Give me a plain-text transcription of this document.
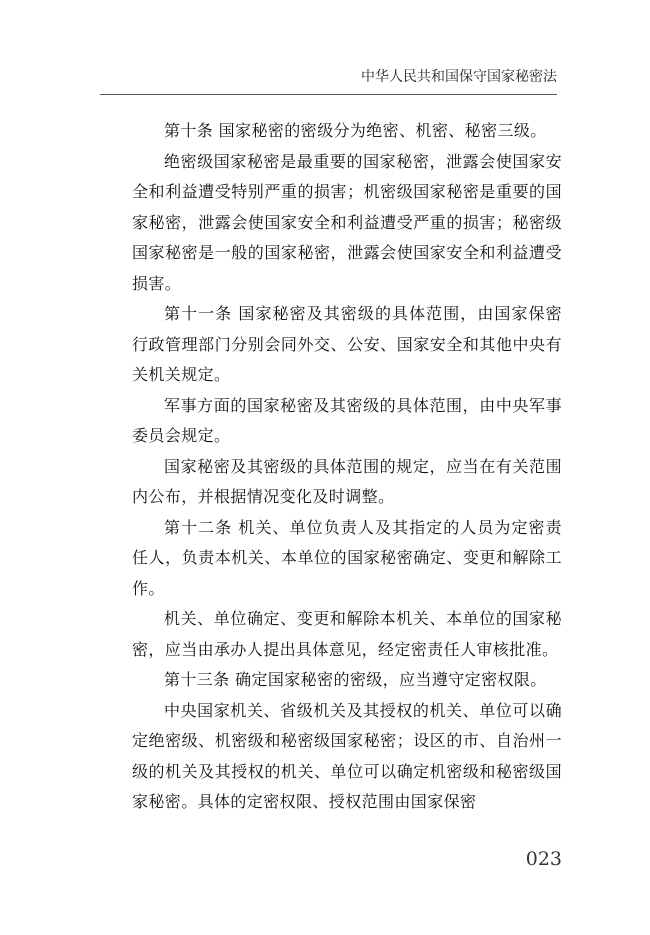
中华人民共和国保守国家秘密法

第十条 国家秘密的密级分为绝密、机密、秘密三级。

绝密级国家秘密是最重要的国家秘密，泄露会使国家安全和利益遭受特别严重的损害；机密级国家秘密是重要的国家秘密，泄露会使国家安全和利益遭受严重的损害；秘密级国家秘密是一般的国家秘密，泄露会使国家安全和利益遭受损害。

第十一条 国家秘密及其密级的具体范围，由国家保密行政管理部门分别会同外交、公安、国家安全和其他中央有关机关规定。

军事方面的国家秘密及其密级的具体范围，由中央军事委员会规定。

国家秘密及其密级的具体范围的规定，应当在有关范围内公布，并根据情况变化及时调整。

第十二条 机关、单位负责人及其指定的人员为定密责任人，负责本机关、本单位的国家秘密确定、变更和解除工作。

机关、单位确定、变更和解除本机关、本单位的国家秘密，应当由承办人提出具体意见，经定密责任人审核批准。

第十三条 确定国家秘密的密级，应当遵守定密权限。

中央国家机关、省级机关及其授权的机关、单位可以确定绝密级、机密级和秘密级国家秘密；设区的市、自治州一级的机关及其授权的机关、单位可以确定机密级和秘密级国家秘密。具体的定密权限、授权范围由国家保密

023
